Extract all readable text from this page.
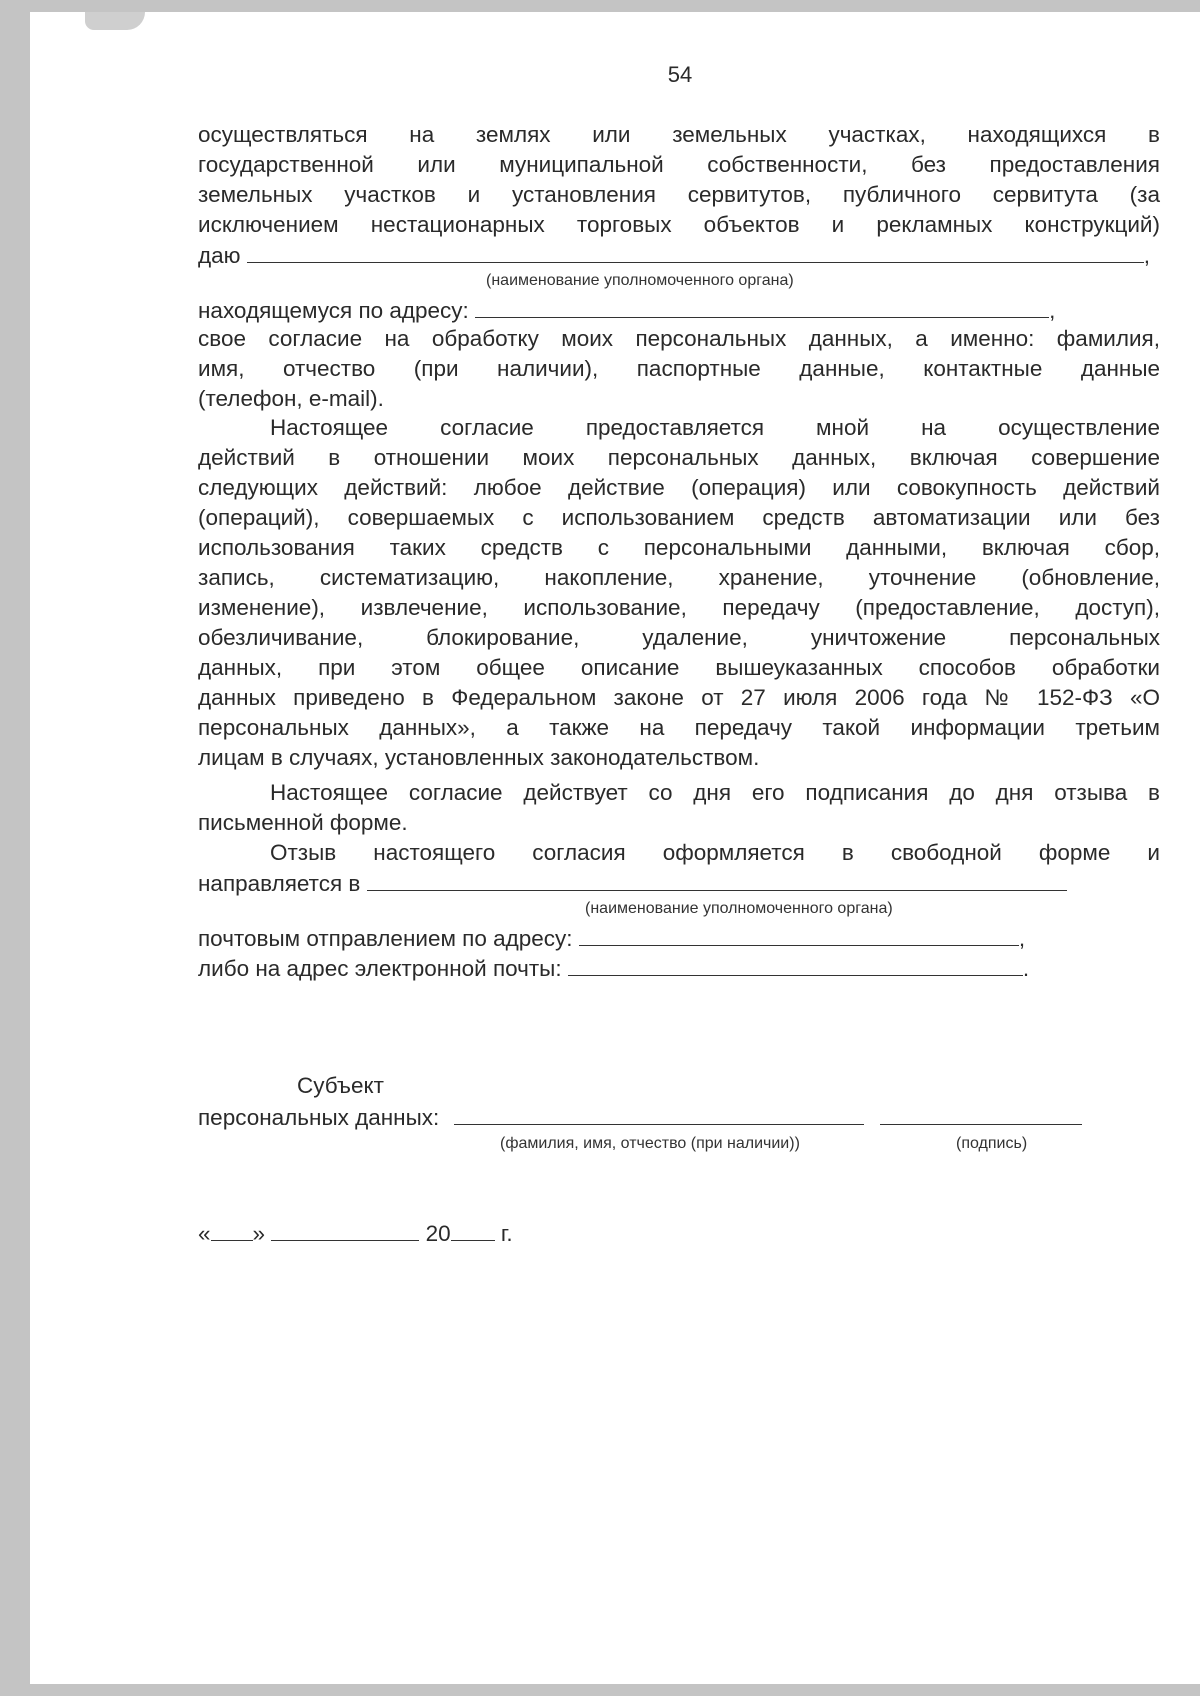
54
осуществляться на землях или земельных участках, находящихся в
государственной или муниципальной собственности, без предоставления
земельных участков и установления сервитутов, публичного сервитута (за
исключением нестационарных торговых объектов и рекламных конструкций)
даю	,
(наименование уполномоченного органа)
находящемуся по адресу:	,
свое согласие на обработку моих персональных данных, а именно: фамилия,
имя, отчество (при наличии), паспортные данные, контактные данные
(телефон, e-mail).
Настоящее согласие предоставляется мной на осуществление
действий в отношении моих персональных данных, включая совершение
следующих действий: любое действие (операция) или совокупность действий
(операций), совершаемых с использованием средств автоматизации или без
использования таких средств с персональными данными, включая сбор,
запись, систематизацию, накопление, хранение, уточнение (обновление,
изменение), извлечение, использование, передачу (предоставление, доступ),
обезличивание, блокирование, удаление, уничтожение персональных
данных, при этом общее описание вышеуказанных способов обработки
данных приведено в Федеральном законе от 27 июля 2006 года № 152-ФЗ «О
персональных данных», а также на передачу такой информации третьим
лицам в случаях, установленных законодательством.
Настоящее согласие действует со дня его подписания до дня отзыва в
письменной форме.
Отзыв настоящего согласия оформляется в свободной форме и
направляется в
(наименование уполномоченного органа)
почтовым отправлением по адресу:	,
либо на адрес электронной почты:	.
Субъект
персональных данных:
(фамилия, имя, отчество (при наличии))	(подпись)
« »	20 г.
